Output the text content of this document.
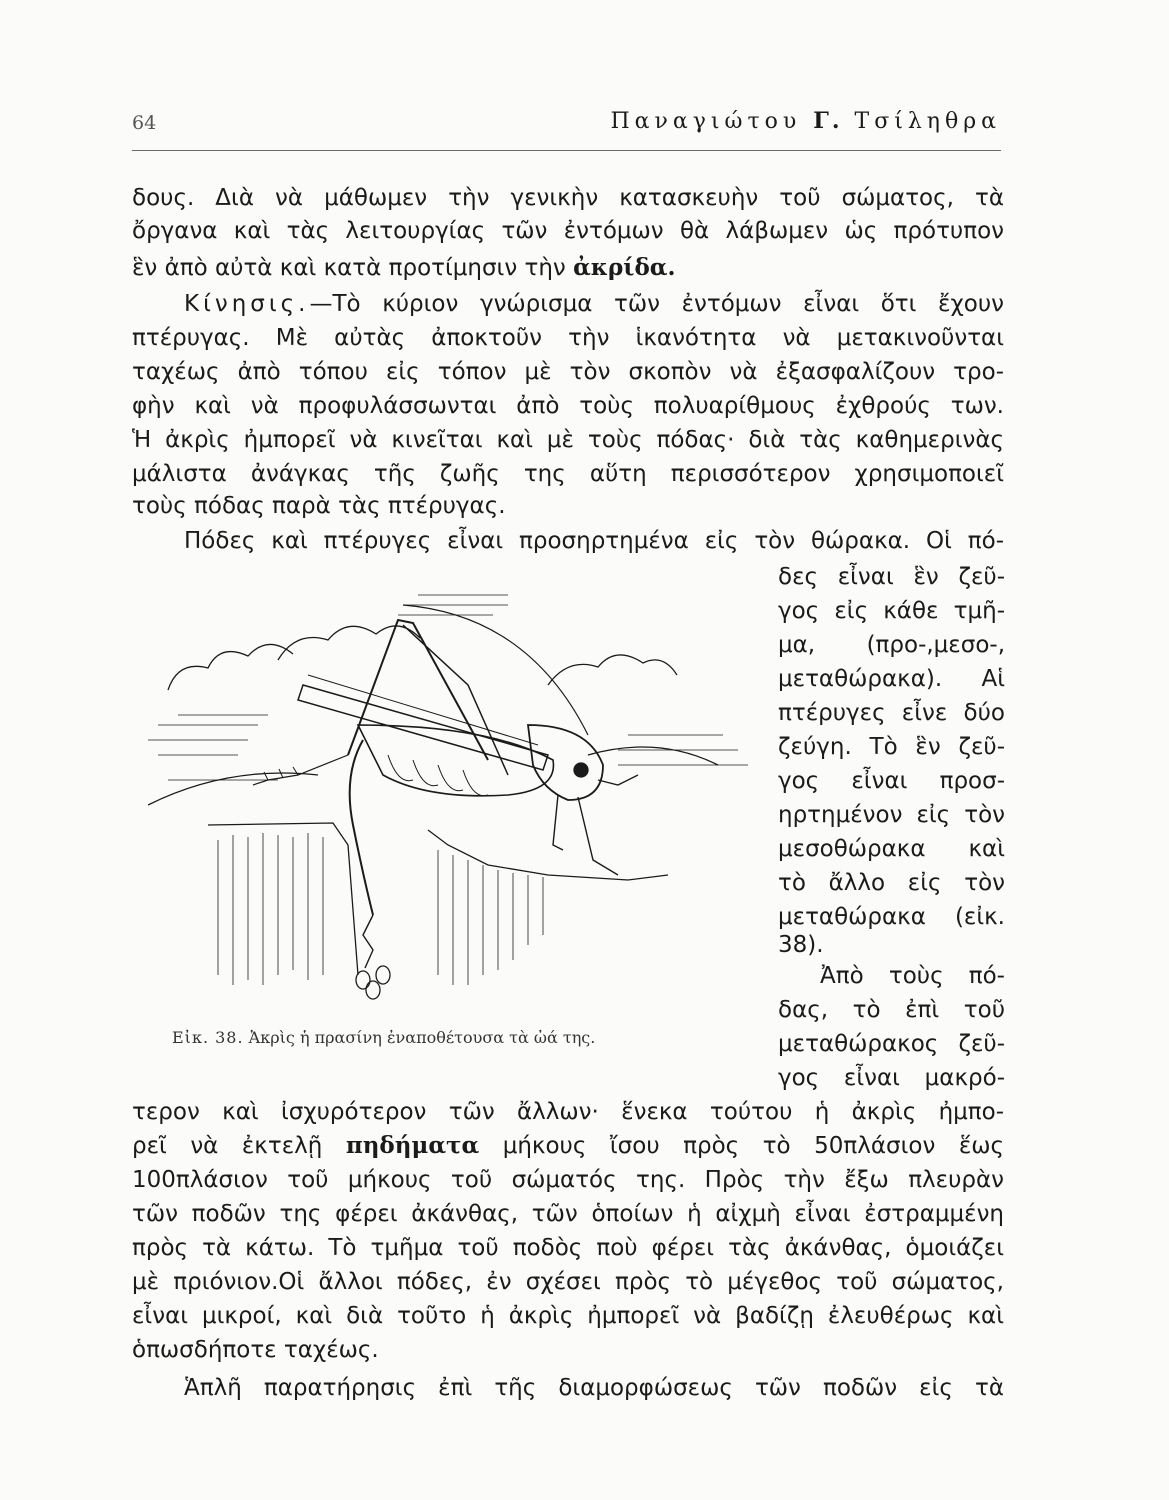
64	Παναγιώτου Γ. Τσίληθρα
δους. Διὰ νὰ μάθωμεν τὴν γενικὴν κατασκευὴν τοῦ σώματος, τὰ
ὄργανα καὶ τὰς λειτουργίας τῶν ἐντόμων θὰ λάβωμεν ὡς πρότυπον
ἓν ἀπὸ αὐτὰ καὶ κατὰ προτίμησιν τὴν ἀκρίδα.
Κίνησις.—Τὸ κύριον γνώρισμα τῶν ἐντόμων εἶναι ὅτι ἔχουν
πτέρυγας. Μὲ αὐτὰς ἀποκτοῦν τὴν ἱκανότητα νὰ μετακινοῦνται
ταχέως ἀπὸ τόπου εἰς τόπον μὲ τὸν σκοπὸν νὰ ἐξασφαλίζουν τρο-
φὴν καὶ νὰ προφυλάσσωνται ἀπὸ τοὺς πολυαρίθμους ἐχθρούς των.
Ἡ ἀκρὶς ἠμπορεῖ νὰ κινεῖται καὶ μὲ τοὺς πόδας· διὰ τὰς καθημερινὰς
μάλιστα ἀνάγκας τῆς ζωῆς της αὕτη περισσότερον χρησιμοποιεῖ
τοὺς πόδας παρὰ τὰς πτέρυγας.
Πόδες καὶ πτέρυγες εἶναι προσηρτημένα εἰς τὸν θώρακα. Οἱ πό-
δες εἶναι ἓν ζεῦ-
γος εἰς κάθε τμῆ-
μα, (προ-,μεσο-,
μεταθώρακα). Αἱ
πτέρυγες εἶνε δύο
ζεύγη. Τὸ ἓν ζεῦ-
γος εἶναι προσ-
ηρτημένον εἰς τὸν
μεσοθώρακα καὶ
τὸ ἄλλο εἰς τὸν
μεταθώρακα (εἰκ.
38).
Ἀπὸ τοὺς πό-
δας, τὸ ἐπὶ τοῦ
μεταθώρακος ζεῦ-
γος εἶναι μακρό-
Εἰκ. 38. Ἀκρὶς ἡ πρασίνη ἐναποθέτουσα τὰ ὠά της.
τερον καὶ ἰσχυρότερον τῶν ἄλλων· ἕνεκα τούτου ἡ ἀκρὶς ἠμπο-
ρεῖ νὰ ἐκτελῇ πηδήματα μήκους ἴσου πρὸς τὸ 50πλάσιον ἕως
100πλάσιον τοῦ μήκους τοῦ σώματός της. Πρὸς τὴν ἔξω πλευρὰν
τῶν ποδῶν της φέρει ἀκάνθας, τῶν ὁποίων ἡ αἰχμὴ εἶναι ἐστραμμένη
πρὸς τὰ κάτω. Τὸ τμῆμα τοῦ ποδὸς ποὺ φέρει τὰς ἀκάνθας, ὁμοιάζει
μὲ πριόνιον.Οἱ ἄλλοι πόδες, ἐν σχέσει πρὸς τὸ μέγεθος τοῦ σώματος,
εἶναι μικροί, καὶ διὰ τοῦτο ἡ ἀκρὶς ἠμπορεῖ νὰ βαδίζῃ ἐλευθέρως καὶ
ὁπωσδήποτε ταχέως.
Ἁπλῆ παρατήρησις ἐπὶ τῆς διαμορφώσεως τῶν ποδῶν εἰς τὰ
